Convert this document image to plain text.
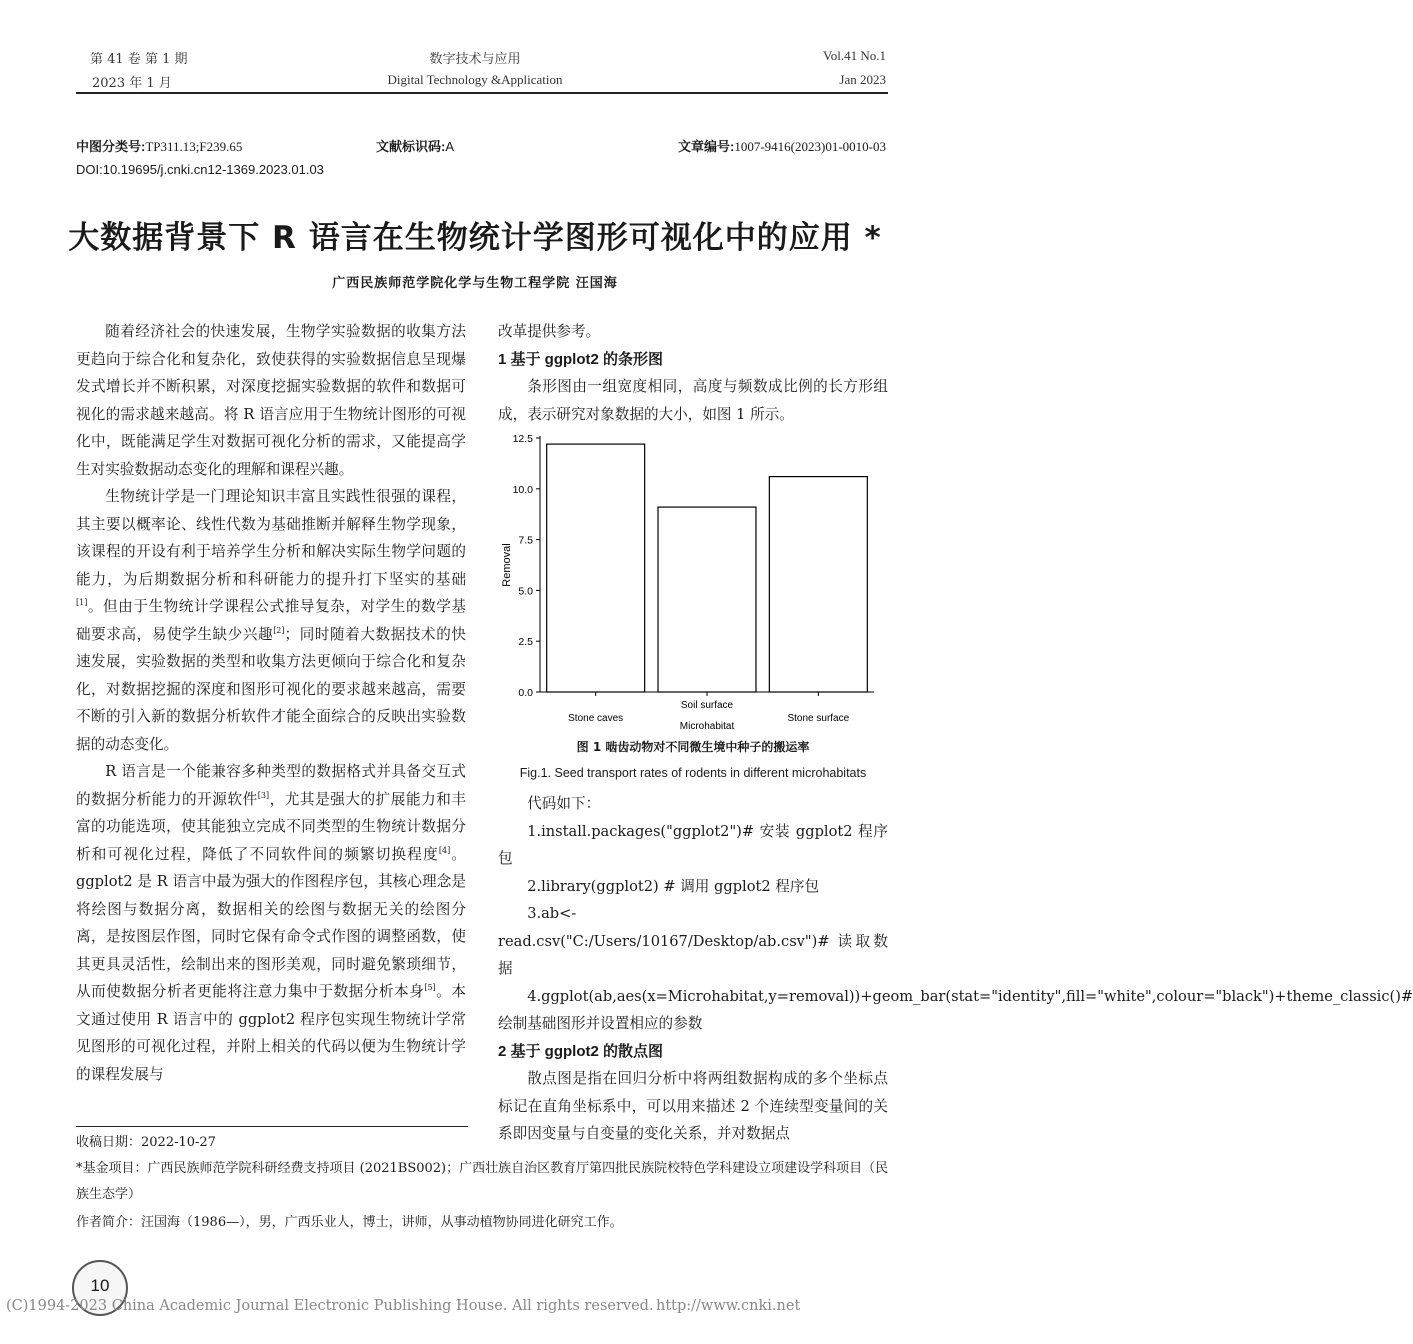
第 41 卷 第 1 期
2023 年 1 月
数字技术与应用
Digital Technology &Application
Vol.41 No.1
Jan 2023
中图分类号:TP311.13;F239.65	文献标识码:A	文章编号:1007-9416(2023)01-0010-03
DOI:10.19695/j.cnki.cn12-1369.2023.01.03
大数据背景下 R 语言在生物统计学图形可视化中的应用 *
广西民族师范学院化学与生物工程学院 汪国海

随着经济社会的快速发展，生物学实验数据的收集方法更趋向于综合化和复杂化，致使获得的实验数据信息呈现爆发式增长并不断积累，对深度挖掘实验数据的软件和数据可视化的需求越来越高。将 R 语言应用于生物统计图形的可视化中，既能满足学生对数据可视化分析的需求，又能提高学生对实验数据动态变化的理解和课程兴趣。

生物统计学是一门理论知识丰富且实践性很强的课程，其主要以概率论、线性代数为基础推断并解释生物学现象，该课程的开设有利于培养学生分析和解决实际生物学问题的能力，为后期数据分析和科研能力的提升打下坚实的基础[1]。但由于生物统计学课程公式推导复杂，对学生的数学基础要求高，易使学生缺少兴趣[2]；同时随着大数据技术的快速发展，实验数据的类型和收集方法更倾向于综合化和复杂化，对数据挖掘的深度和图形可视化的要求越来越高，需要不断的引入新的数据分析软件才能全面综合的反映出实验数据的动态变化。

R 语言是一个能兼容多种类型的数据格式并具备交互式的数据分析能力的开源软件[3]，尤其是强大的扩展能力和丰富的功能选项，使其能独立完成不同类型的生物统计数据分析和可视化过程，降低了不同软件间的频繁切换程度[4]。ggplot2 是 R 语言中最为强大的作图程序包，其核心理念是将绘图与数据分离，数据相关的绘图与数据无关的绘图分离，是按图层作图，同时它保有命令式作图的调整函数，使其更具灵活性，绘制出来的图形美观，同时避免繁琐细节，从而使数据分析者更能将注意力集中于数据分析本身[5]。本文通过使用 R 语言中的 ggplot2 程序包实现生物统计学常见图形的可视化过程，并附上相关的代码以便为生物统计学的课程发展与

改革提供参考。

1 基于 ggplot2 的条形图

条形图由一组宽度相同，高度与频数成比例的长方形组成，表示研究对象数据的大小，如图 1 所示。

0.0
2.5
5.0
7.5
10.0
12.5
Stone caves
Soil surface
Stone surface
Removal
Microhabitat
图 1 啮齿动物对不同微生境中种子的搬运率
Fig.1. Seed transport rates of rodents in different microhabitats

代码如下：

1.install.packages("ggplot2")# 安装 ggplot2 程序包

2.library(ggplot2) # 调用 ggplot2 程序包

3.ab<-read.csv("C:/Users/10167/Desktop/ab.csv")# 读取数据

4.ggplot(ab,aes(x=Microhabitat,y=removal))+geom_bar(stat="identity",fill="white",colour="black")+theme_classic()# 绘制基础图形并设置相应的参数

2 基于 ggplot2 的散点图

散点图是指在回归分析中将两组数据构成的多个坐标点标记在直角坐标系中，可以用来描述 2 个连续型变量间的关系即因变量与自变量的变化关系，并对数据点

收稿日期：2022-10-27
*基金项目：广西民族师范学院科研经费支持项目 (2021BS002)；广西壮族自治区教育厅第四批民族院校特色学科建设立项建设学科项目（民族生态学）
作者简介：汪国海（1986—），男，广西乐业人，博士，讲师，从事动植物协同进化研究工作。
10
(C)1994-2023 China Academic Journal Electronic Publishing House. All rights reserved. http://www.cnki.net
